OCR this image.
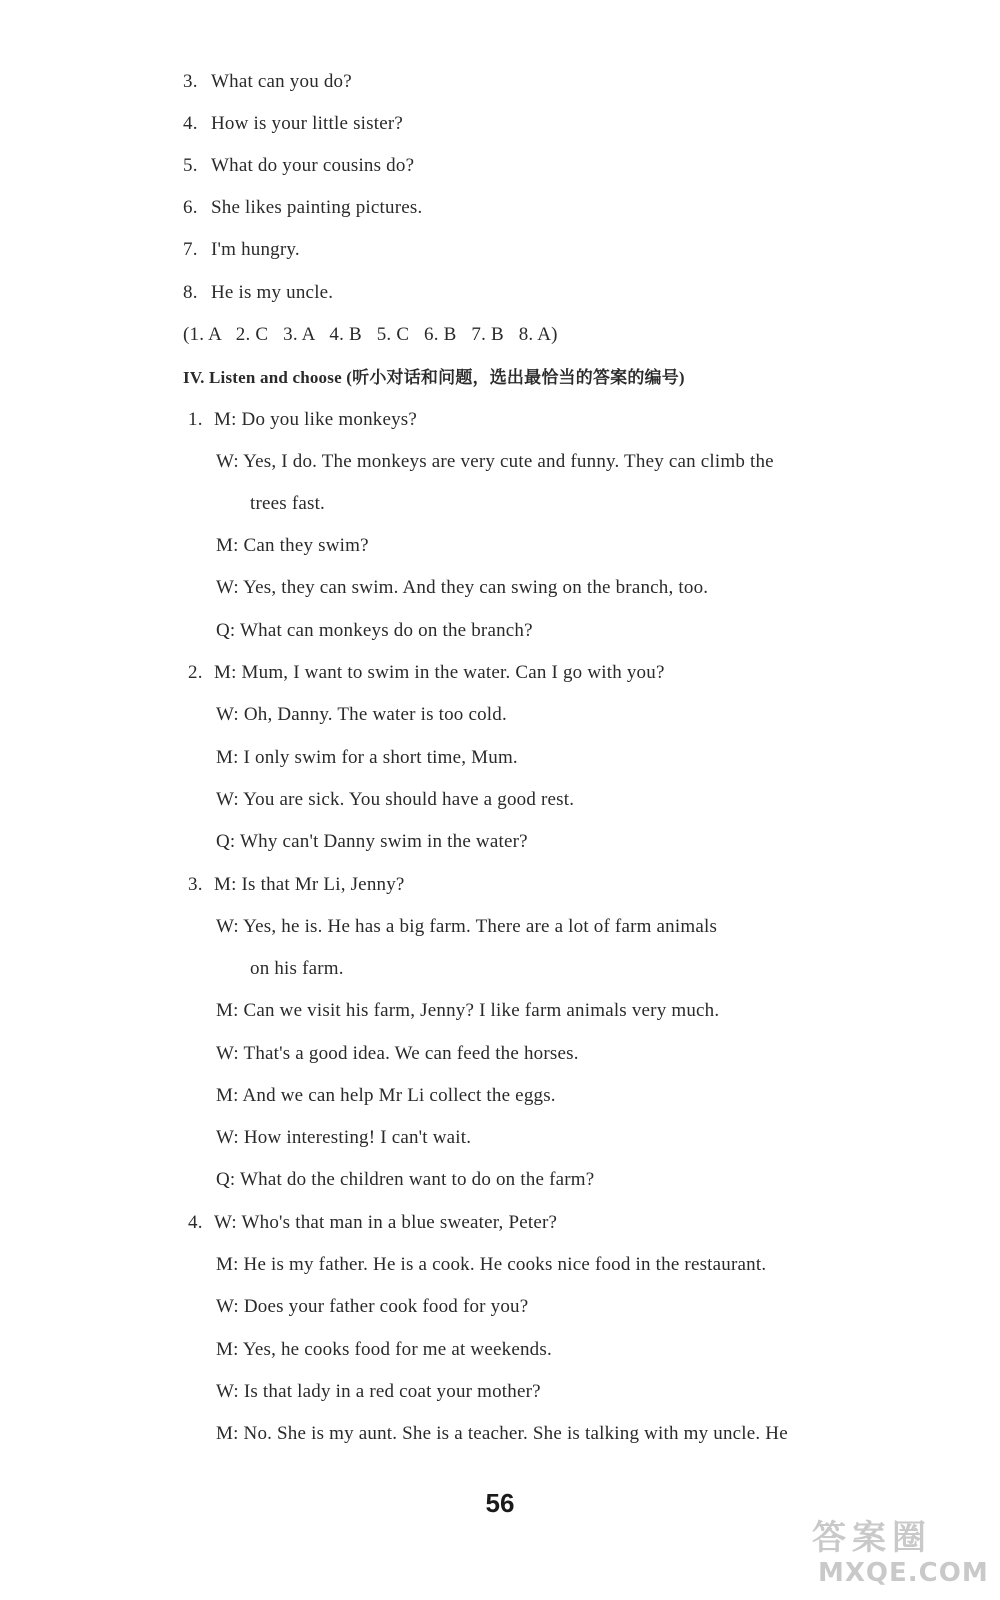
3. What can you do?
4. How is your little sister?
5. What do your cousins do?
6. She likes painting pictures.
7. I'm hungry.
8. He is my uncle.
(1. A   2. C   3. A   4. B   5. C   6. B   7. B   8. A)
IV. Listen and choose (听小对话和问题，选出最恰当的答案的编号)
1. M: Do you like monkeys?
W: Yes, I do. The monkeys are very cute and funny. They can climb the
trees fast.
M: Can they swim?
W: Yes, they can swim. And they can swing on the branch, too.
Q: What can monkeys do on the branch?
2. M: Mum, I want to swim in the water. Can I go with you?
W: Oh, Danny. The water is too cold.
M: I only swim for a short time, Mum.
W: You are sick. You should have a good rest.
Q: Why can't Danny swim in the water?
3. M: Is that Mr Li, Jenny?
W: Yes, he is. He has a big farm. There are a lot of farm animals
on his farm.
M: Can we visit his farm, Jenny? I like farm animals very much.
W: That's a good idea. We can feed the horses.
M: And we can help Mr Li collect the eggs.
W: How interesting! I can't wait.
Q: What do the children want to do on the farm?
4. W: Who's that man in a blue sweater, Peter?
M: He is my father. He is a cook. He cooks nice food in the restaurant.
W: Does your father cook food for you?
M: Yes, he cooks food for me at weekends.
W: Is that lady in a red coat your mother?
M: No. She is my aunt. She is a teacher. She is talking with my uncle. He
56
答案圈
MXQE.COM
